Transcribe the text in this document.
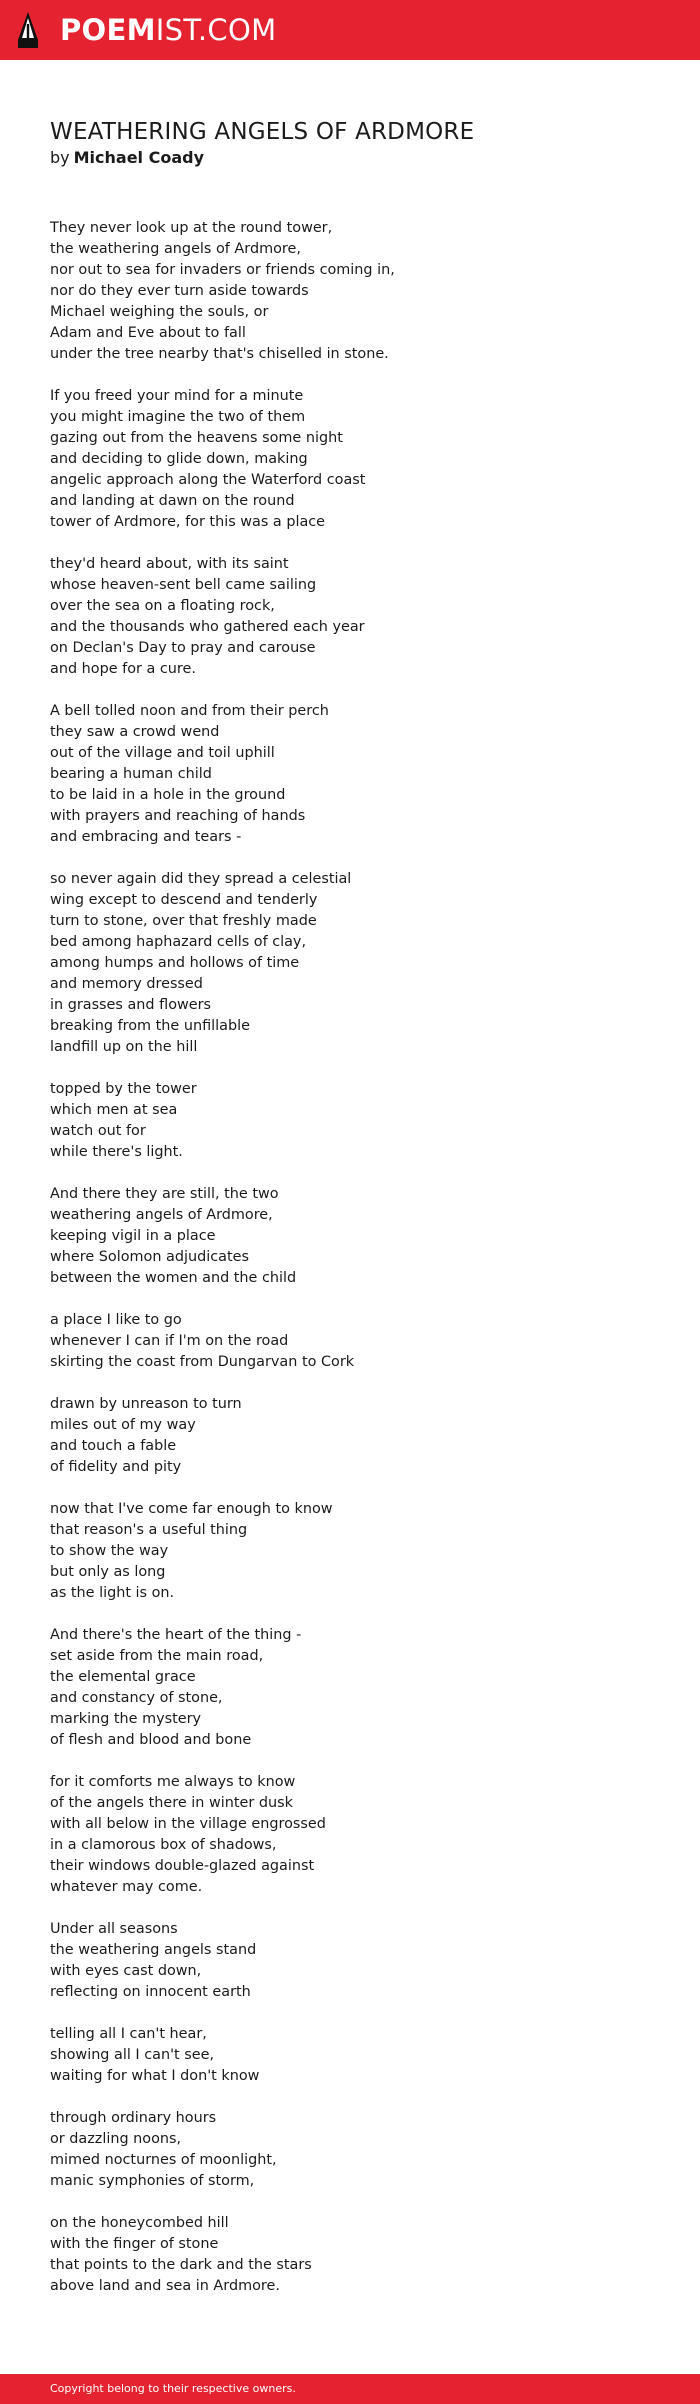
POEMIST.COM
WEATHERING ANGELS OF ARDMORE
by Michael Coady
They never look up at the round tower,
the weathering angels of Ardmore,
nor out to sea for invaders or friends coming in,
nor do they ever turn aside towards
Michael weighing the souls, or
Adam and Eve about to fall
under the tree nearby that's chiselled in stone.
If you freed your mind for a minute
you might imagine the two of them
gazing out from the heavens some night
and deciding to glide down, making
angelic approach along the Waterford coast
and landing at dawn on the round
tower of Ardmore, for this was a place
they'd heard about, with its saint
whose heaven-sent bell came sailing
over the sea on a floating rock,
and the thousands who gathered each year
on Declan's Day to pray and carouse
and hope for a cure.
A bell tolled noon and from their perch
they saw a crowd wend
out of the village and toil uphill
bearing a human child
to be laid in a hole in the ground
with prayers and reaching of hands
and embracing and tears -
so never again did they spread a celestial
wing except to descend and tenderly
turn to stone, over that freshly made
bed among haphazard cells of clay,
among humps and hollows of time
and memory dressed
in grasses and flowers
breaking from the unfillable
landfill up on the hill
topped by the tower
which men at sea
watch out for
while there's light.
And there they are still, the two
weathering angels of Ardmore,
keeping vigil in a place
where Solomon adjudicates
between the women and the child
a place I like to go
whenever I can if I'm on the road
skirting the coast from Dungarvan to Cork
drawn by unreason to turn
miles out of my way
and touch a fable
of fidelity and pity
now that I've come far enough to know
that reason's a useful thing
to show the way
but only as long
as the light is on.
And there's the heart of the thing -
set aside from the main road,
the elemental grace
and constancy of stone,
marking the mystery
of flesh and blood and bone
for it comforts me always to know
of the angels there in winter dusk
with all below in the village engrossed
in a clamorous box of shadows,
their windows double-glazed against
whatever may come.
Under all seasons
the weathering angels stand
with eyes cast down,
reflecting on innocent earth
telling all I can't hear,
showing all I can't see,
waiting for what I don't know
through ordinary hours
or dazzling noons,
mimed nocturnes of moonlight,
manic symphonies of storm,
on the honeycombed hill
with the finger of stone
that points to the dark and the stars
above land and sea in Ardmore.
Copyright belong to their respective owners.
